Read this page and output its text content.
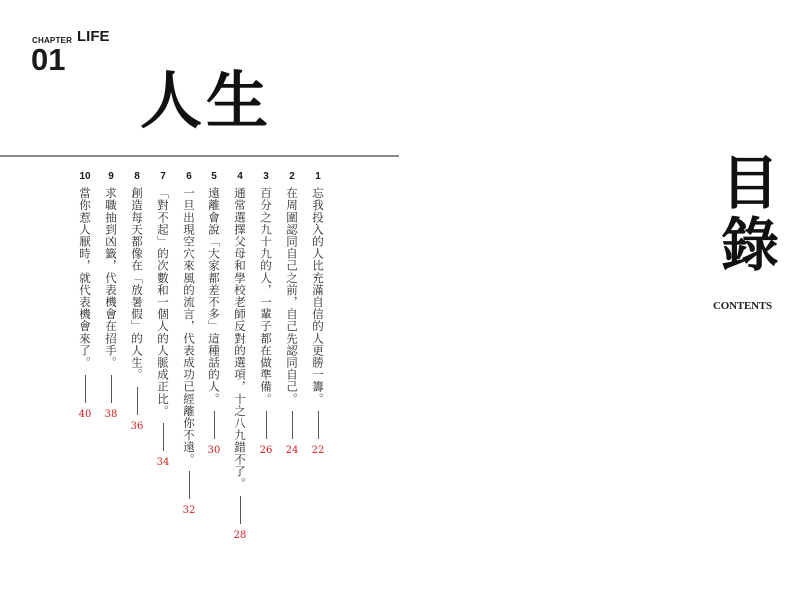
CHAPTER LIFE
01
人生
1
忘我投入的人比充滿自信的人更勝一籌。
22
2
在周圍認同自己之前，自己先認同自己。
24
3
百分之九十九的人，一輩子都在做準備。
26
4
通常選擇父母和學校老師反對的選項，十之八九錯不了。
28
5
遠離會說「大家都差不多」這種話的人。
30
6
一旦出現空穴來風的流言，代表成功已經離你不遠。
32
7
「對不起」的次數和一個人的人脈成正比。
34
8
創造每天都像在「放暑假」的人生。
36
9
求職抽到凶籤，代表機會在招手。
38
10
當你惹人厭時，就代表機會來了。
40
目錄
CONTENTS
